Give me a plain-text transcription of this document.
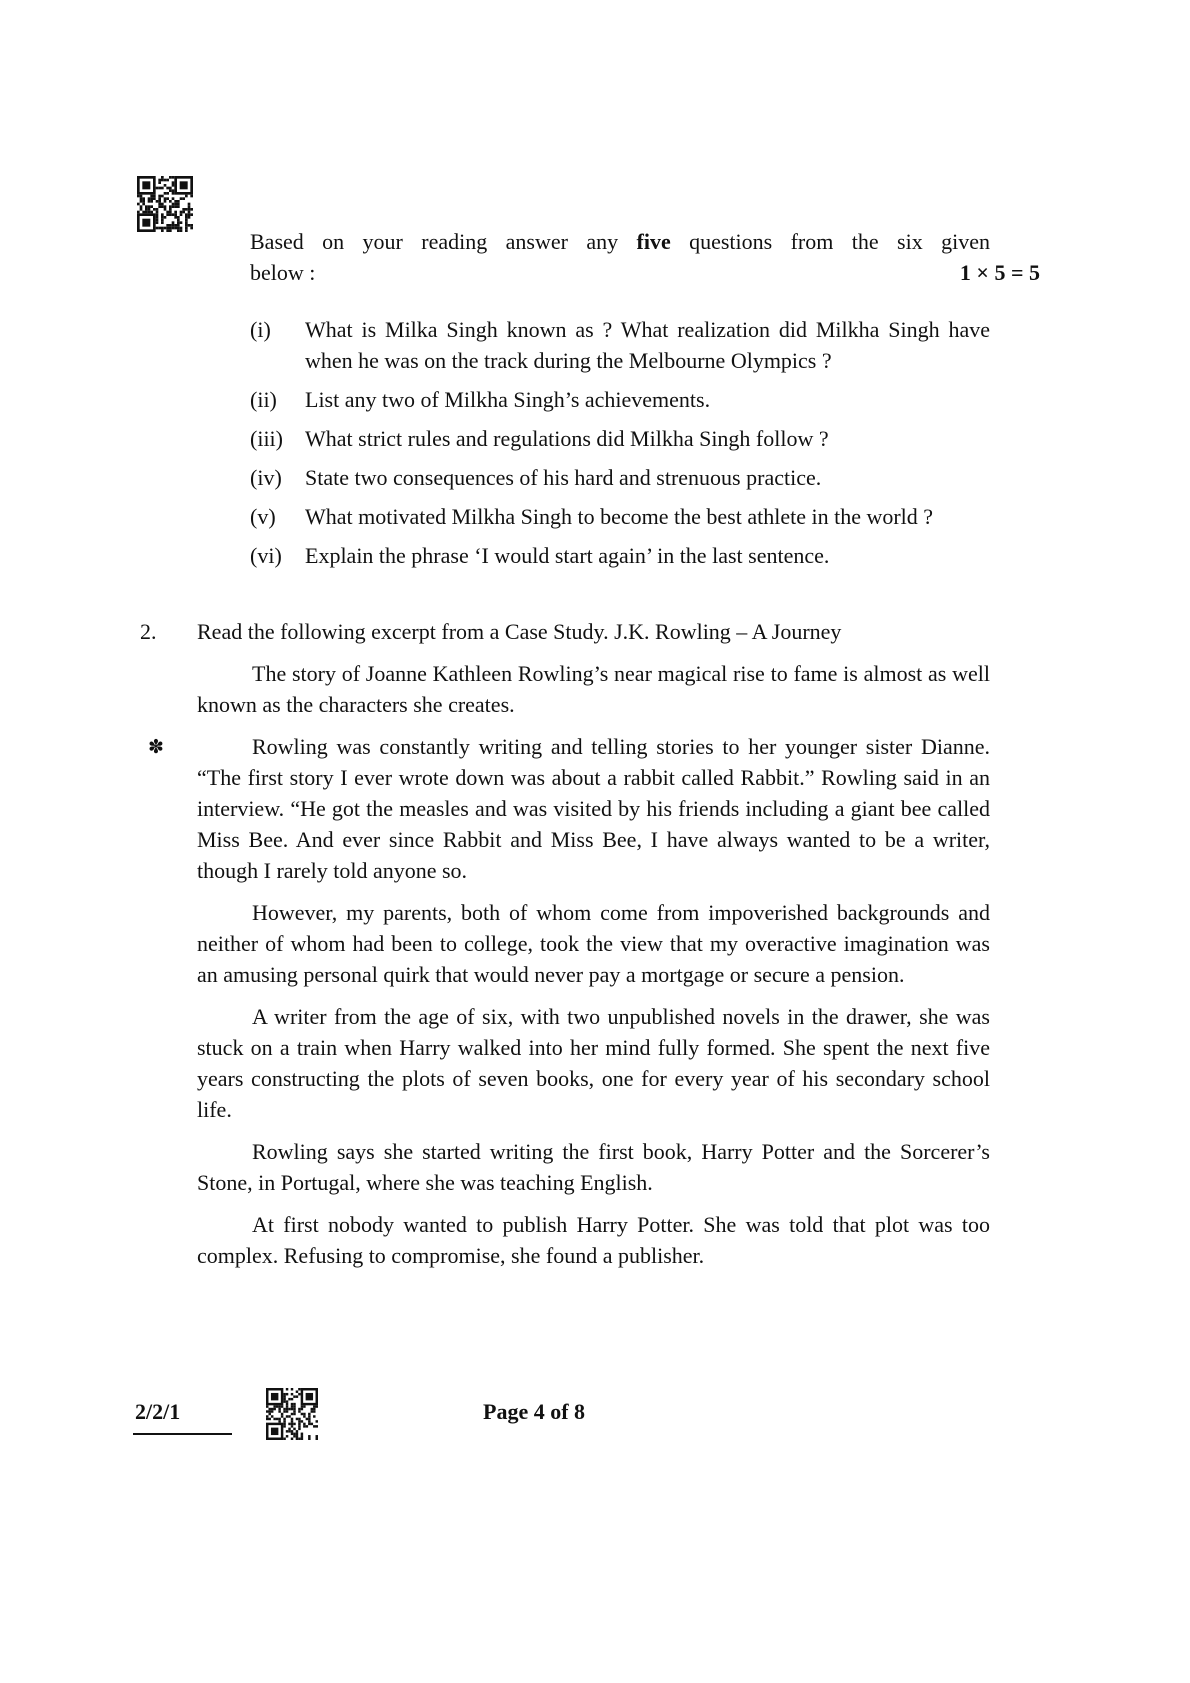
Based on your reading answer any five questions from the six given
below :	1 × 5 = 5
(i)	What is Milka Singh known as ? What realization did Milkha Singh have when he was on the track during the Melbourne Olympics ?
(ii)	List any two of Milkha Singh’s achievements.
(iii)	What strict rules and regulations did Milkha Singh follow ?
(iv)	State two consequences of his hard and strenuous practice.
(v)	What motivated Milkha Singh to become the best athlete in the world ?
(vi)	Explain the phrase ‘I would start again’ in the last sentence.
2.	Read the following excerpt from a Case Study. J.K. Rowling – A Journey
The story of Joanne Kathleen Rowling’s near magical rise to fame is almost as well known as the characters she creates.
✽	Rowling was constantly writing and telling stories to her younger sister Dianne. “The first story I ever wrote down was about a rabbit called Rabbit.” Rowling said in an interview. “He got the measles and was visited by his friends including a giant bee called Miss Bee. And ever since Rabbit and Miss Bee, I have always wanted to be a writer, though I rarely told anyone so.
However, my parents, both of whom come from impoverished backgrounds and neither of whom had been to college, took the view that my overactive imagination was an amusing personal quirk that would never pay a mortgage or secure a pension.
A writer from the age of six, with two unpublished novels in the drawer, she was stuck on a train when Harry walked into her mind fully formed. She spent the next five years constructing the plots of seven books, one for every year of his secondary school life.
Rowling says she started writing the first book, Harry Potter and the Sorcerer’s Stone, in Portugal, where she was teaching English.
At first nobody wanted to publish Harry Potter. She was told that plot was too complex. Refusing to compromise, she found a publisher.
2/2/1	Page 4 of 8
